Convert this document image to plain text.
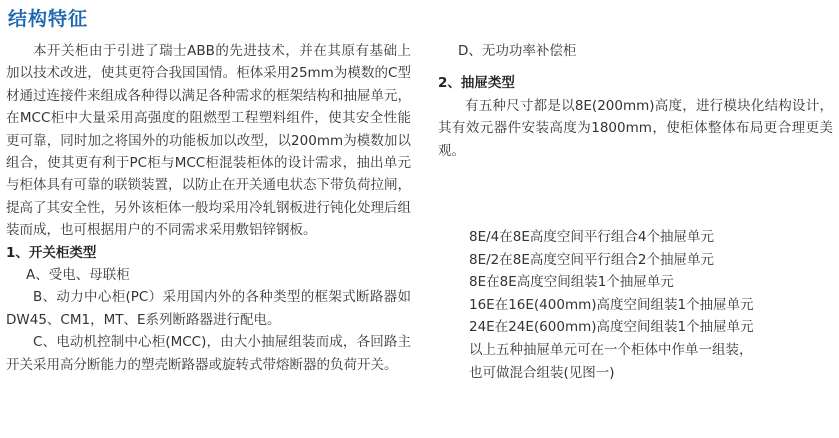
结构特征

本开关柜由于引进了瑞士ABB的先进技术，并在其原有基础上加以技术改进，使其更符合我国国情。柜体采用25mm为模数的C型材通过连接件来组成各种得以满足各种需求的框架结构和抽屉单元，在MCC柜中大量采用高强度的阻燃型工程塑料组件，使其安全性能更可靠，同时加之将国外的功能板加以改型，以200mm为模数加以组合，使其更有利于PC柜与MCC柜混装柜体的设计需求，抽出单元与柜体具有可靠的联锁装置，以防止在开关通电状态下带负荷拉闸，提高了其安全性，另外该柜体一般均采用冷轧钢板进行钝化处理后组装而成，也可根据用户的不同需求采用敷铝锌钢板。

1、开关柜类型

A、受电、母联柜

B、动力中心柜(PC）采用国内外的各种类型的框架式断路器如DW45、CM1，MT、E系列断路器进行配电。

C、电动机控制中心柜(MCC)，由大小抽屉组装而成，各回路主开关采用高分断能力的塑壳断路器或旋转式带熔断器的负荷开关。

D、无功功率补偿柜

2、抽屉类型

有五种尺寸都是以8E(200mm)高度，进行模块化结构设计，其有效元器件安装高度为1800mm，使柜体整体布局更合理更美观。

8E/4在8E高度空间平行组合4个抽屉单元

8E/2在8E高度空间平行组合2个抽屉单元

8E在8E高度空间组装1个抽屉单元

16E在16E(400mm)高度空间组装1个抽屉单元

24E在24E(600mm)高度空间组装1个抽屉单元

以上五种抽屉单元可在一个柜体中作单一组装，

也可做混合组装(见图一)
